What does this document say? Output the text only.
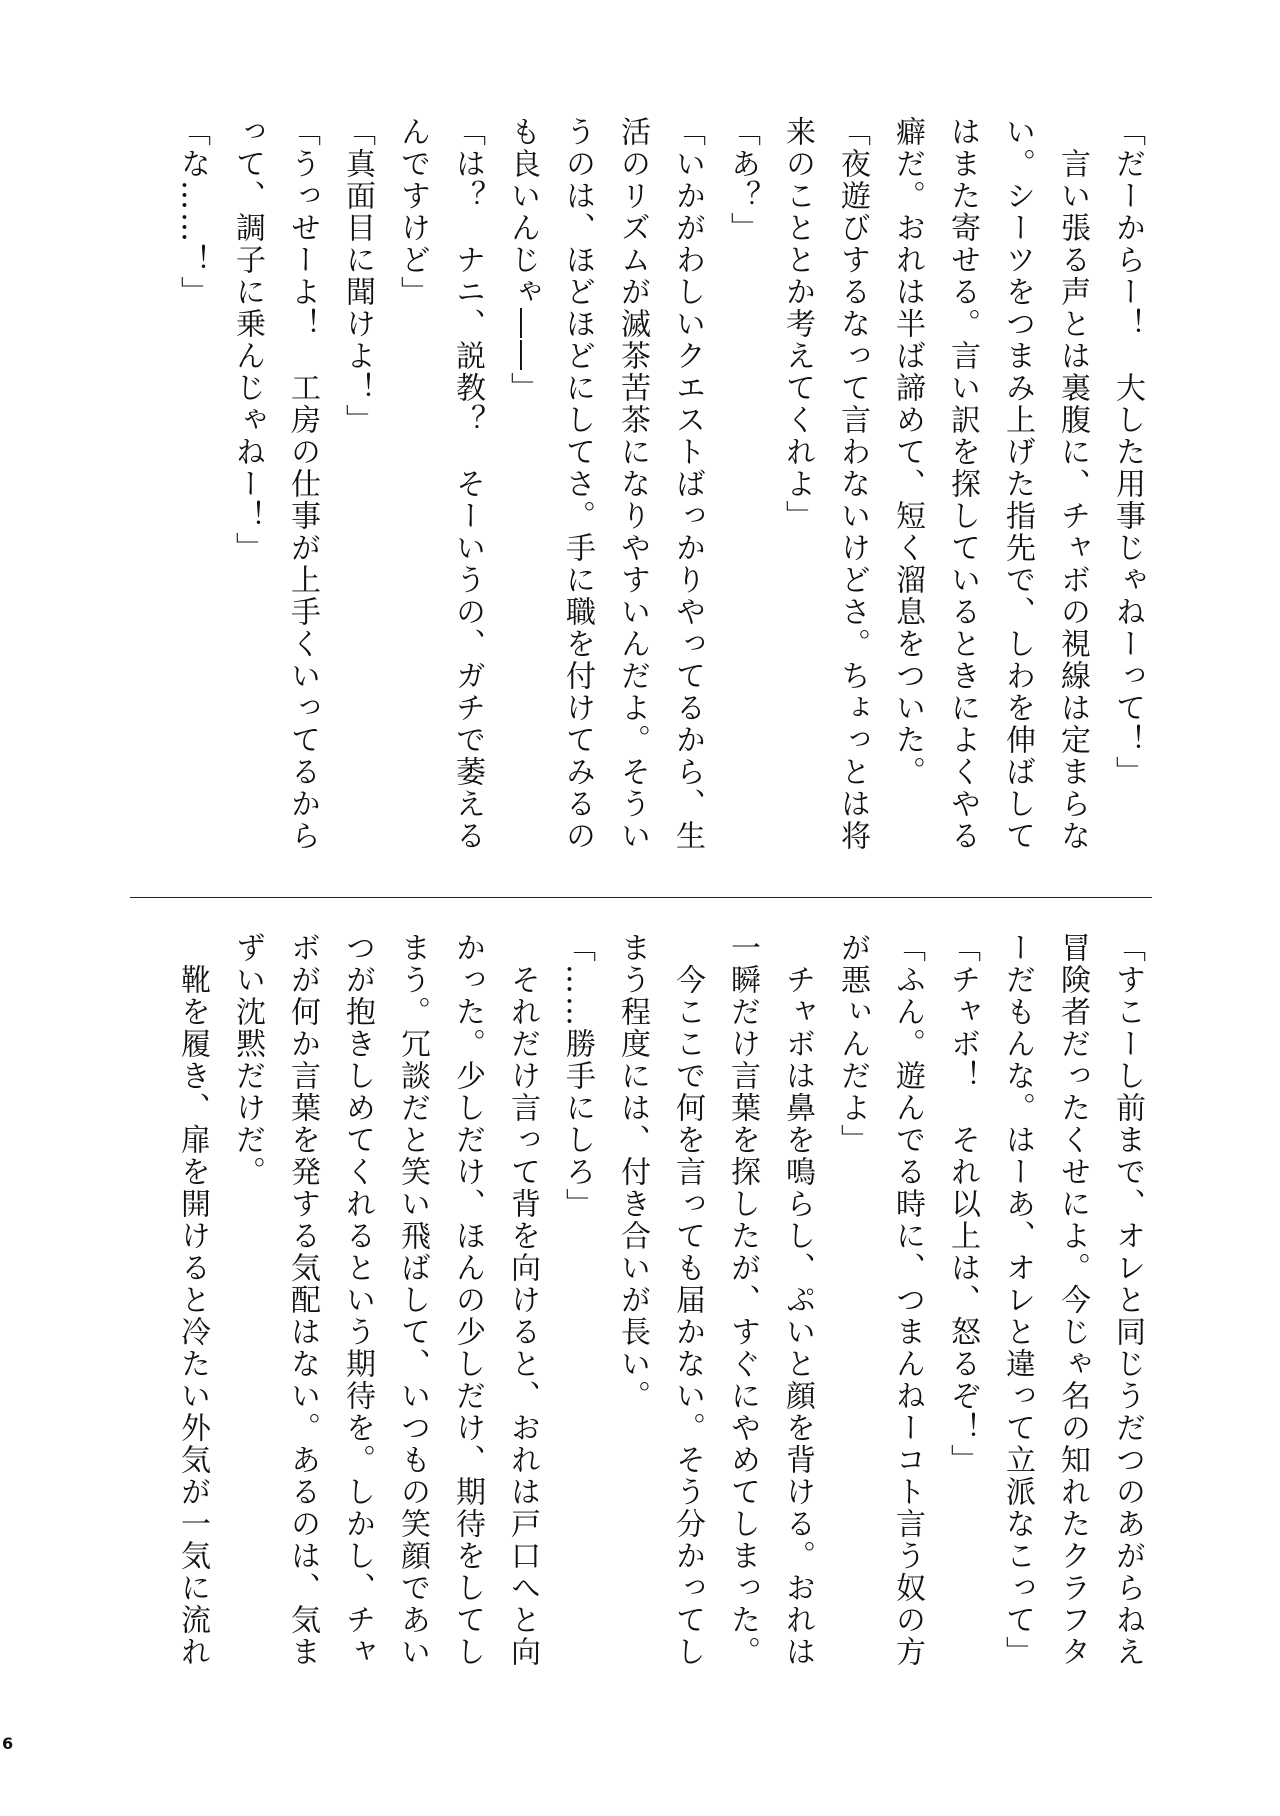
「だーからー！　大した用事じゃねーって！」
　言い張る声とは裏腹に、チャボの視線は定まらな
い。シーツをつまみ上げた指先で、しわを伸ばして
はまた寄せる。言い訳を探しているときによくやる
癖だ。おれは半ば諦めて、短く溜息をついた。
「夜遊びするなって言わないけどさ。ちょっとは将
来のこととか考えてくれよ」
「あ？」
「いかがわしいクエストばっかりやってるから、生
活のリズムが滅茶苦茶になりやすいんだよ。そうい
うのは、ほどほどにしてさ。手に職を付けてみるの
も良いんじゃ――」
「は？　ナニ、説教？　そーいうの、ガチで萎える
んですけど」
「真面目に聞けよ！」
「うっせーよ！　工房の仕事が上手くいってるから
って、調子に乗んじゃねー！」
「な……！」
「すこーし前まで、オレと同じうだつのあがらねえ
冒険者だったくせによ。今じゃ名の知れたクラフタ
ーだもんな。はーあ、オレと違って立派なこって」
「チャボ！　それ以上は、怒るぞ！」
「ふん。遊んでる時に、つまんねーコト言う奴の方
が悪ぃんだよ」
　チャボは鼻を鳴らし、ぷいと顔を背ける。おれは
一瞬だけ言葉を探したが、すぐにやめてしまった。
　今ここで何を言っても届かない。そう分かってし
まう程度には、付き合いが長い。
「……勝手にしろ」
　それだけ言って背を向けると、おれは戸口へと向
かった。少しだけ、ほんの少しだけ、期待をしてし
まう。冗談だと笑い飛ばして、いつもの笑顔であい
つが抱きしめてくれるという期待を。しかし、チャ
ボが何か言葉を発する気配はない。あるのは、気ま
ずい沈黙だけだ。
　靴を履き、扉を開けると冷たい外気が一気に流れ
6
